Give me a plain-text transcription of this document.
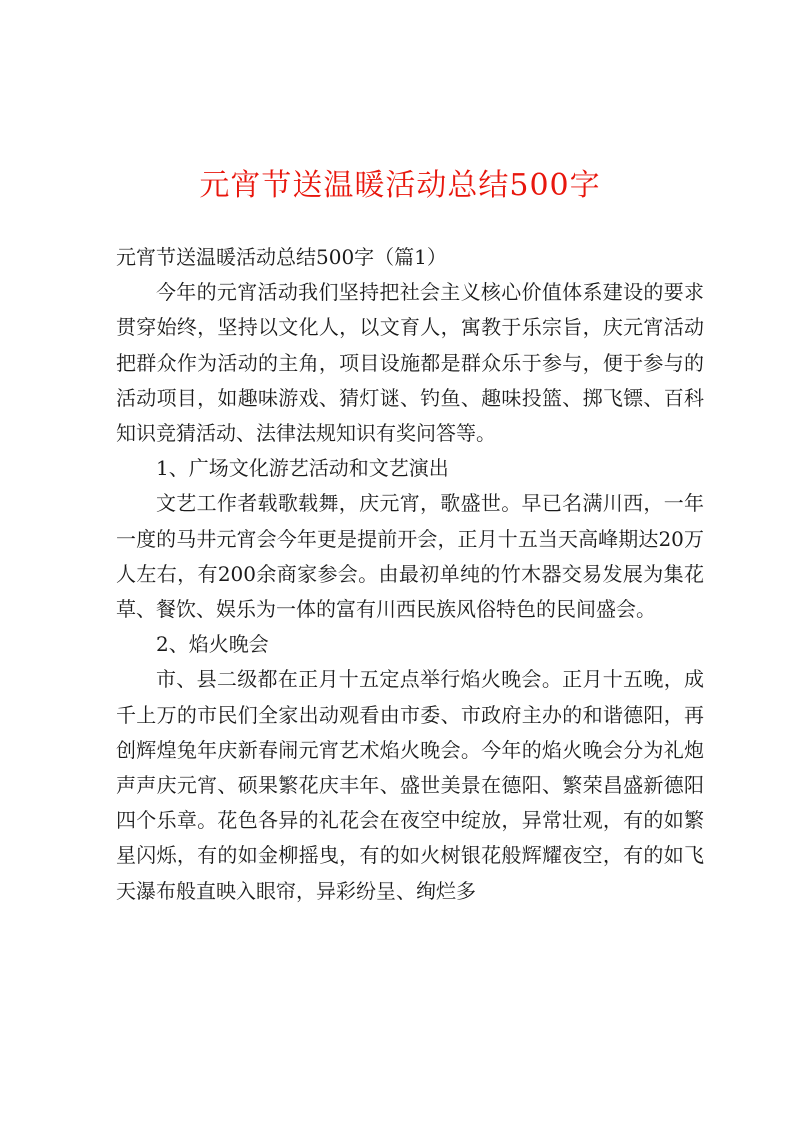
元宵节送温暖活动总结500字

元宵节送温暖活动总结500字（篇1）

今年的元宵活动我们坚持把社会主义核心价值体系建设的要求贯穿始终，坚持以文化人，以文育人，寓教于乐宗旨，庆元宵活动把群众作为活动的主角，项目设施都是群众乐于参与，便于参与的活动项目，如趣味游戏、猜灯谜、钓鱼、趣味投篮、掷飞镖、百科知识竞猜活动、法律法规知识有奖问答等。

1、广场文化游艺活动和文艺演出

文艺工作者载歌载舞，庆元宵，歌盛世。早已名满川西，一年一度的马井元宵会今年更是提前开会，正月十五当天高峰期达20万人左右，有200余商家参会。由最初单纯的竹木器交易发展为集花草、餐饮、娱乐为一体的富有川西民族风俗特色的民间盛会。

2、焰火晚会

市、县二级都在正月十五定点举行焰火晚会。正月十五晚，成千上万的市民们全家出动观看由市委、市政府主办的和谐德阳，再创辉煌兔年庆新春闹元宵艺术焰火晚会。今年的焰火晚会分为礼炮声声庆元宵、硕果繁花庆丰年、盛世美景在德阳、繁荣昌盛新德阳四个乐章。花色各异的礼花会在夜空中绽放，异常壮观，有的如繁星闪烁，有的如金柳摇曳，有的如火树银花般辉耀夜空，有的如飞天瀑布般直映入眼帘，异彩纷呈、绚烂多
